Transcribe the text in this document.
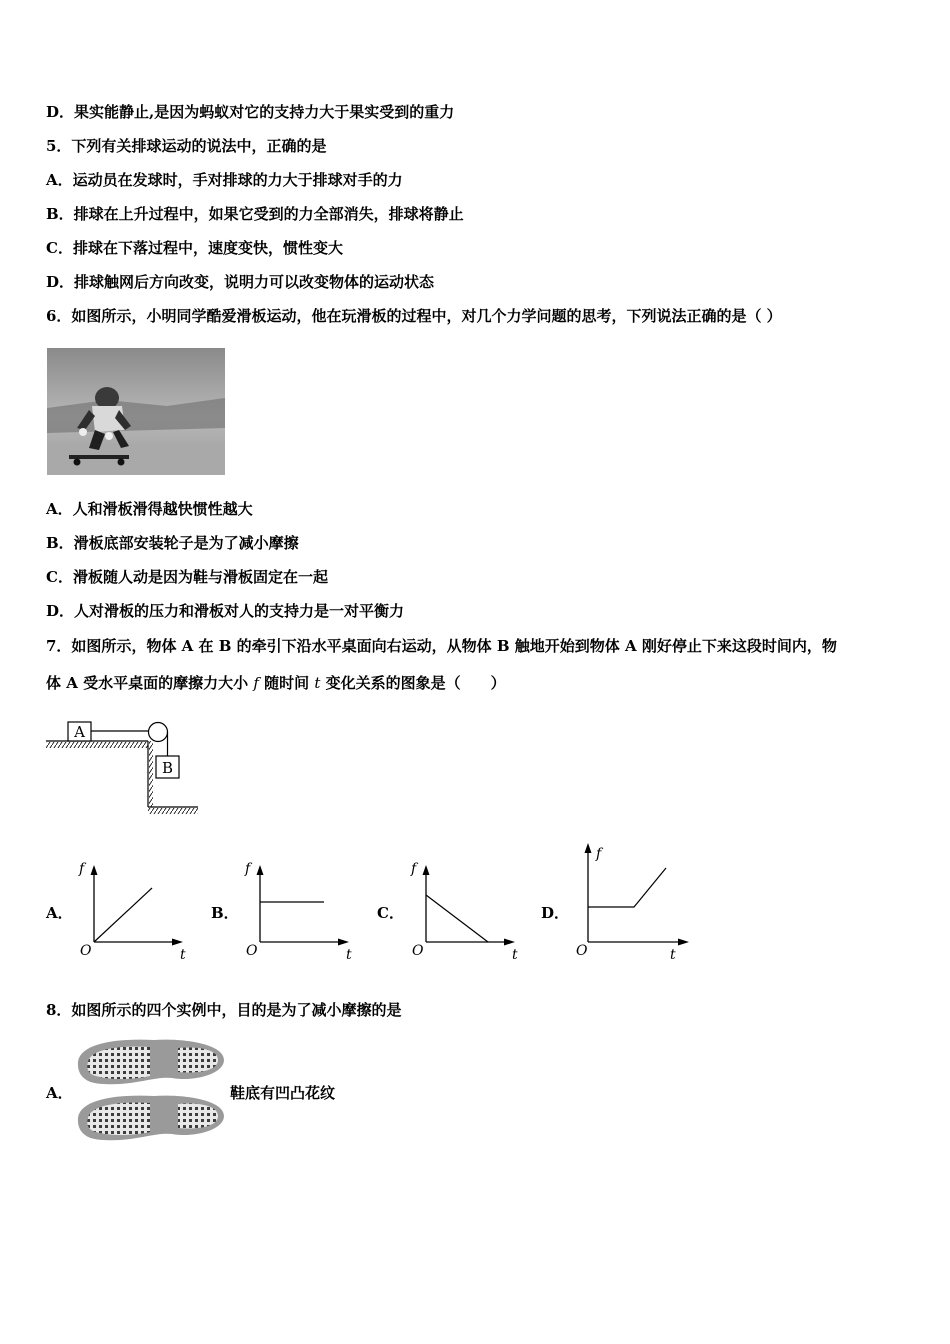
D．果实能静止,是因为蚂蚁对它的支持力大于果实受到的重力
5．下列有关排球运动的说法中，正确的是
A．运动员在发球时，手对排球的力大于排球对手的力
B．排球在上升过程中，如果它受到的力全部消失，排球将静止
C．排球在下落过程中，速度变快，惯性变大
D．排球触网后方向改变，说明力可以改变物体的运动状态
6．如图所示，小明同学酷爱滑板运动，他在玩滑板的过程中，对几个力学问题的思考，下列说法正确的是（ ）
A．人和滑板滑得越快惯性越大
B．滑板底部安装轮子是为了减小摩擦
C．滑板随人动是因为鞋与滑板固定在一起
D．人对滑板的压力和滑板对人的支持力是一对平衡力
7．如图所示，物体 A 在 B 的牵引下沿水平桌面向右运动，从物体 B 触地开始到物体 A 刚好停止下来这段时间内，物
体 A 受水平桌面的摩擦力大小 f 随时间 t 变化关系的图象是（　　）
A
B
A．
f
O	t
B．
f
O	t
C．
f
O	t
D．
f
O	t
8．如图所示的四个实例中，目的是为了减小摩擦的是
A．	鞋底有凹凸花纹
